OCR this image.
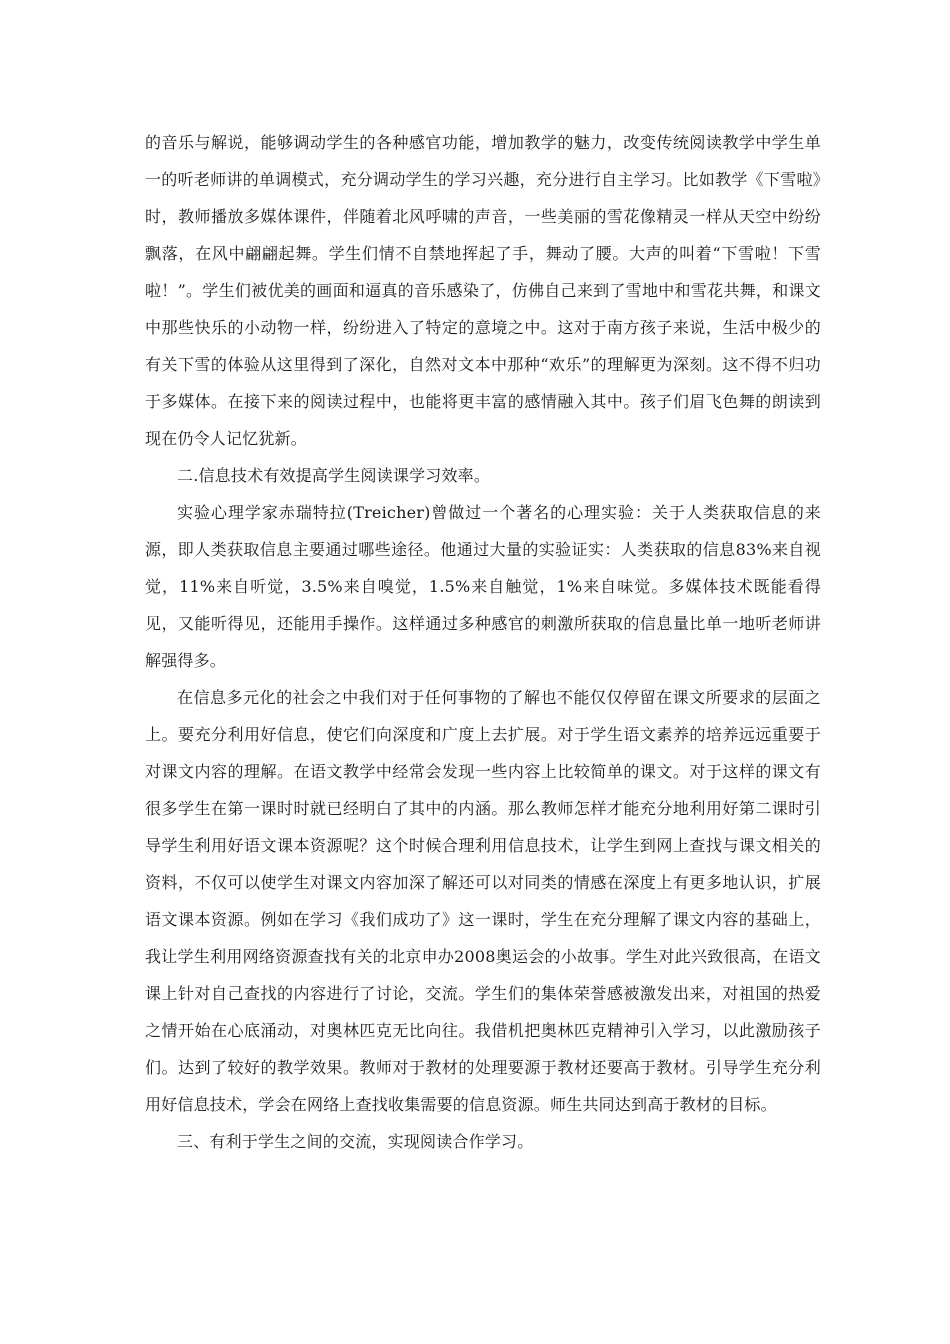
的音乐与解说，能够调动学生的各种感官功能，增加教学的魅力，改变传统阅读教学中学生单一的听老师讲的单调模式，充分调动学生的学习兴趣，充分进行自主学习。比如教学《下雪啦》时，教师播放多媒体课件，伴随着北风呼啸的声音，一些美丽的雪花像精灵一样从天空中纷纷飘落，在风中翩翩起舞。学生们情不自禁地挥起了手，舞动了腰。大声的叫着“下雪啦！下雪啦！”。学生们被优美的画面和逼真的音乐感染了，仿佛自己来到了雪地中和雪花共舞，和课文中那些快乐的小动物一样，纷纷进入了特定的意境之中。这对于南方孩子来说，生活中极少的有关下雪的体验从这里得到了深化，自然对文本中那种“欢乐”的理解更为深刻。这不得不归功于多媒体。在接下来的阅读过程中，也能将更丰富的感情融入其中。孩子们眉飞色舞的朗读到现在仍令人记忆犹新。

二.信息技术有效提高学生阅读课学习效率。

实验心理学家赤瑞特拉(Treicher)曾做过一个著名的心理实验：关于人类获取信息的来源，即人类获取信息主要通过哪些途径。他通过大量的实验证实：人类获取的信息83%来自视觉，11%来自听觉，3.5%来自嗅觉，1.5%来自触觉，1%来自味觉。多媒体技术既能看得见，又能听得见，还能用手操作。这样通过多种感官的刺激所获取的信息量比单一地听老师讲解强得多。

在信息多元化的社会之中我们对于任何事物的了解也不能仅仅停留在课文所要求的层面之上。要充分利用好信息，使它们向深度和广度上去扩展。对于学生语文素养的培养远远重要于对课文内容的理解。在语文教学中经常会发现一些内容上比较简单的课文。对于这样的课文有很多学生在第一课时时就已经明白了其中的内涵。那么教师怎样才能充分地利用好第二课时引导学生利用好语文课本资源呢？这个时候合理利用信息技术，让学生到网上查找与课文相关的资料，不仅可以使学生对课文内容加深了解还可以对同类的情感在深度上有更多地认识，扩展语文课本资源。例如在学习《我们成功了》这一课时，学生在充分理解了课文内容的基础上，我让学生利用网络资源查找有关的北京申办2008奥运会的小故事。学生对此兴致很高，在语文课上针对自己查找的内容进行了讨论，交流。学生们的集体荣誉感被激发出来，对祖国的热爱之情开始在心底涌动，对奥林匹克无比向往。我借机把奥林匹克精神引入学习，以此激励孩子们。达到了较好的教学效果。教师对于教材的处理要源于教材还要高于教材。引导学生充分利用好信息技术，学会在网络上查找收集需要的信息资源。师生共同达到高于教材的目标。

三、有利于学生之间的交流，实现阅读合作学习。
